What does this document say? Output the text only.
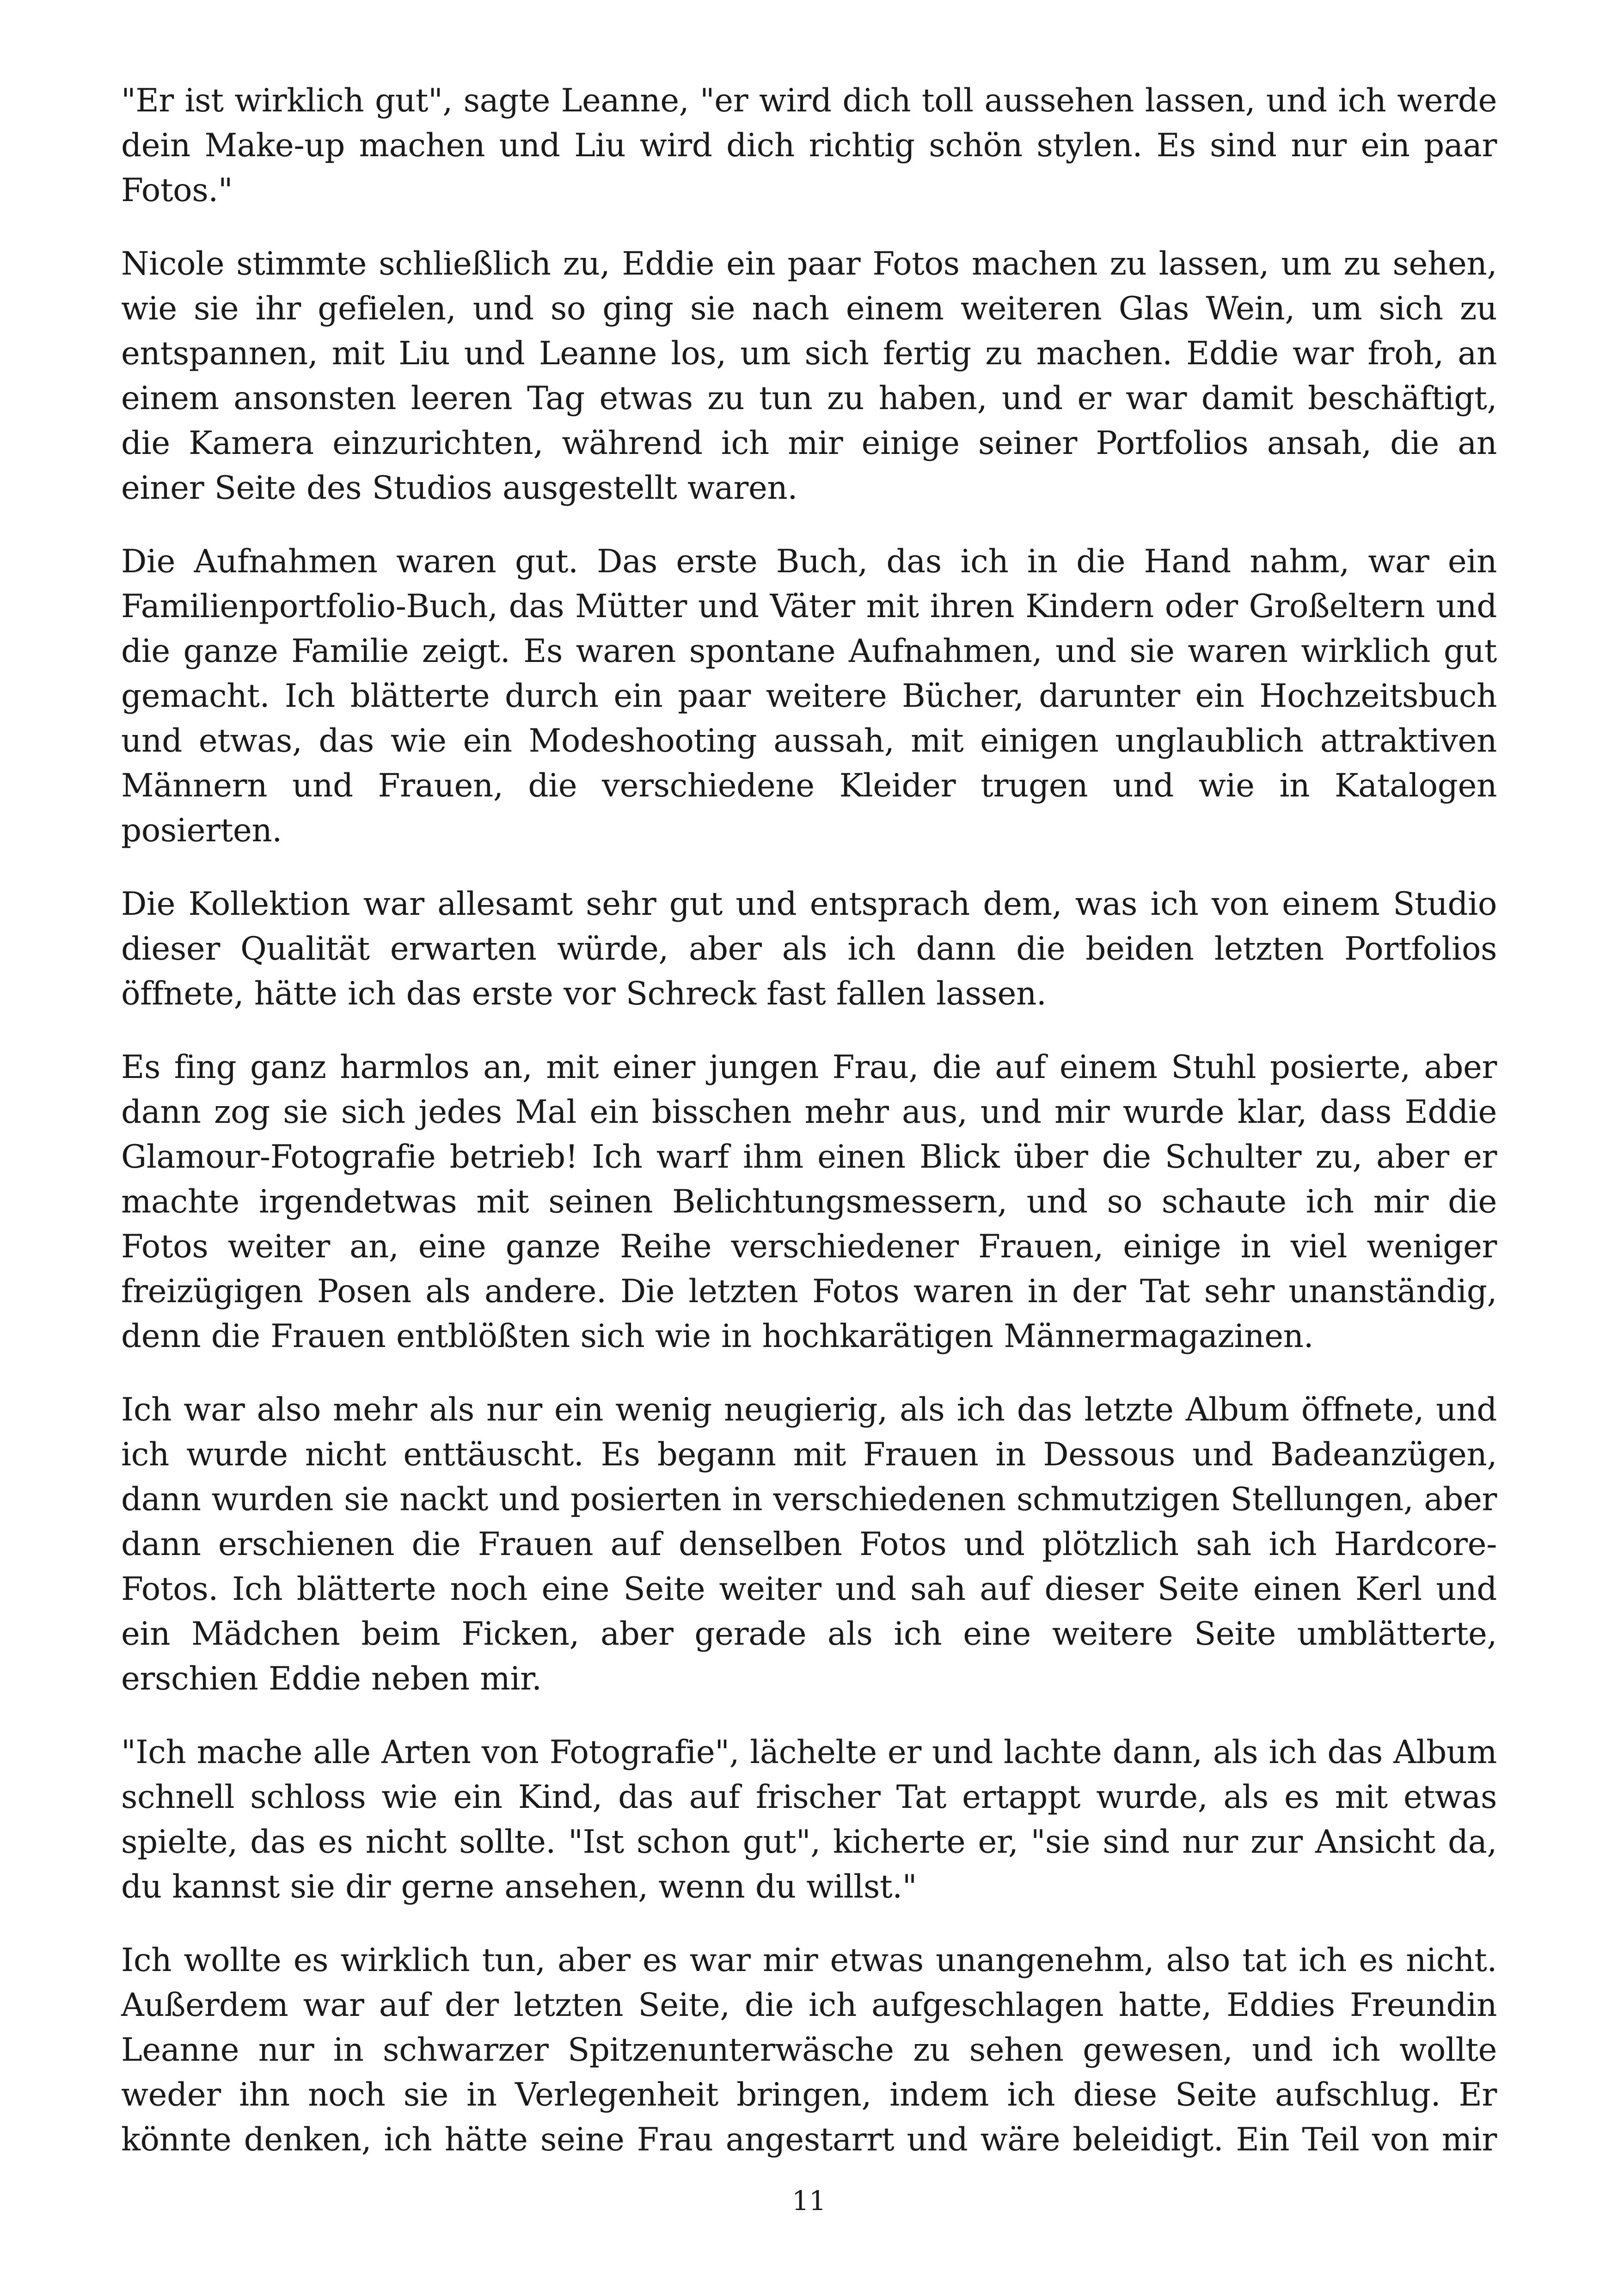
"Er ist wirklich gut", sagte Leanne, "er wird dich toll aussehen lassen, und ich werde dein Make-up machen und Liu wird dich richtig schön stylen. Es sind nur ein paar Fotos."

Nicole stimmte schließlich zu, Eddie ein paar Fotos machen zu lassen, um zu sehen, wie sie ihr gefielen, und so ging sie nach einem weiteren Glas Wein, um sich zu entspannen, mit Liu und Leanne los, um sich fertig zu machen. Eddie war froh, an einem ansonsten leeren Tag etwas zu tun zu haben, und er war damit beschäftigt, die Kamera einzurichten, während ich mir einige seiner Portfolios ansah, die an einer Seite des Studios ausgestellt waren.

Die Aufnahmen waren gut. Das erste Buch, das ich in die Hand nahm, war ein Familienportfolio-Buch, das Mütter und Väter mit ihren Kindern oder Großeltern und die ganze Familie zeigt. Es waren spontane Aufnahmen, und sie waren wirklich gut gemacht. Ich blätterte durch ein paar weitere Bücher, darunter ein Hochzeitsbuch und etwas, das wie ein Modeshooting aussah, mit einigen unglaublich attraktiven Männern und Frauen, die verschiedene Kleider trugen und wie in Katalogen posierten.

Die Kollektion war allesamt sehr gut und entsprach dem, was ich von einem Studio dieser Qualität erwarten würde, aber als ich dann die beiden letzten Portfolios öffnete, hätte ich das erste vor Schreck fast fallen lassen.

Es fing ganz harmlos an, mit einer jungen Frau, die auf einem Stuhl posierte, aber dann zog sie sich jedes Mal ein bisschen mehr aus, und mir wurde klar, dass Eddie Glamour-Fotografie betrieb! Ich warf ihm einen Blick über die Schulter zu, aber er machte irgendetwas mit seinen Belichtungsmessern, und so schaute ich mir die Fotos weiter an, eine ganze Reihe verschiedener Frauen, einige in viel weniger freizügigen Posen als andere. Die letzten Fotos waren in der Tat sehr unanständig, denn die Frauen entblößten sich wie in hochkarätigen Männermagazinen.

Ich war also mehr als nur ein wenig neugierig, als ich das letzte Album öffnete, und ich wurde nicht enttäuscht. Es begann mit Frauen in Dessous und Badeanzügen, dann wurden sie nackt und posierten in verschiedenen schmutzigen Stellungen, aber dann erschienen die Frauen auf denselben Fotos und plötzlich sah ich Hardcore-Fotos. Ich blätterte noch eine Seite weiter und sah auf dieser Seite einen Kerl und ein Mädchen beim Ficken, aber gerade als ich eine weitere Seite umblätterte, erschien Eddie neben mir.

"Ich mache alle Arten von Fotografie", lächelte er und lachte dann, als ich das Album schnell schloss wie ein Kind, das auf frischer Tat ertappt wurde, als es mit etwas spielte, das es nicht sollte. "Ist schon gut", kicherte er, "sie sind nur zur Ansicht da, du kannst sie dir gerne ansehen, wenn du willst."

Ich wollte es wirklich tun, aber es war mir etwas unangenehm, also tat ich es nicht. Außerdem war auf der letzten Seite, die ich aufgeschlagen hatte, Eddies Freundin Leanne nur in schwarzer Spitzenunterwäsche zu sehen gewesen, und ich wollte weder ihn noch sie in Verlegenheit bringen, indem ich diese Seite aufschlug. Er könnte denken, ich hätte seine Frau angestarrt und wäre beleidigt. Ein Teil von mir

11
